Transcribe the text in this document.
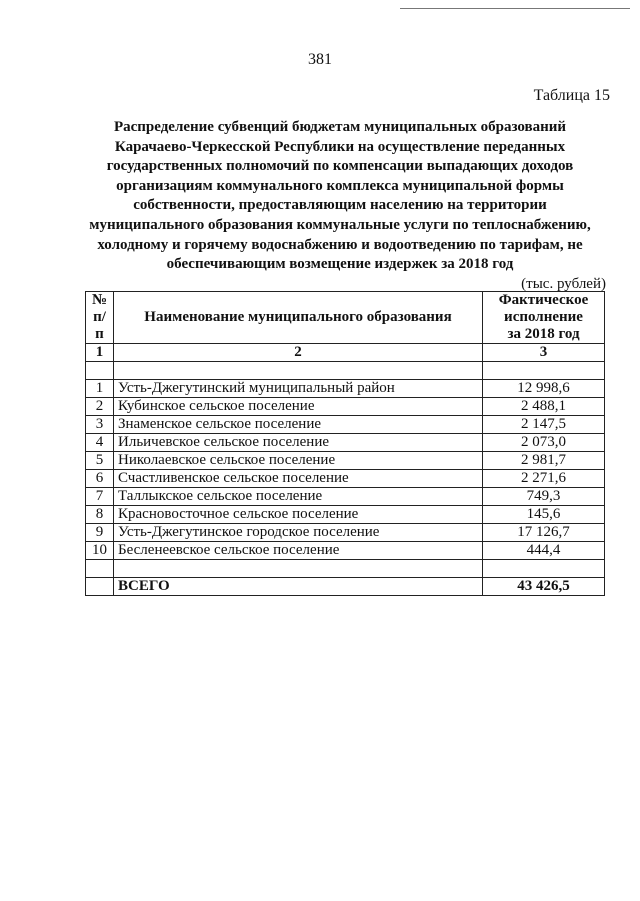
381
Таблица 15
Распределение субвенций бюджетам муниципальных образований
Карачаево-Черкесской Республики на осуществление переданных
государственных полномочий по компенсации выпадающих доходов
организациям коммунального комплекса муниципальной формы
собственности, предоставляющим населению на территории
муниципального образования коммунальные услуги по теплоснабжению,
холодному и горячему водоснабжению и водоотведению по тарифам, не
обеспечивающим возмещение издержек за 2018 год
(тыс. рублей)
№
п/п	Наименование муниципального образования	Фактическое
исполнение
за 2018 год
1	2	3

1	Усть-Джегутинский муниципальный район	12 998,6
2	Кубинское сельское поселение	2 488,1
3	Знаменское сельское поселение	2 147,5
4	Ильичевское сельское поселение	2 073,0
5	Николаевское сельское поселение	2 981,7
6	Счастливенское сельское поселение	2 271,6
7	Таллыкское сельское поселение	749,3
8	Красновосточное сельское поселение	145,6
9	Усть-Джегутинское городское поселение	17 126,7
10	Бесленеевское сельское поселение	444,4

	ВСЕГО	43 426,5
